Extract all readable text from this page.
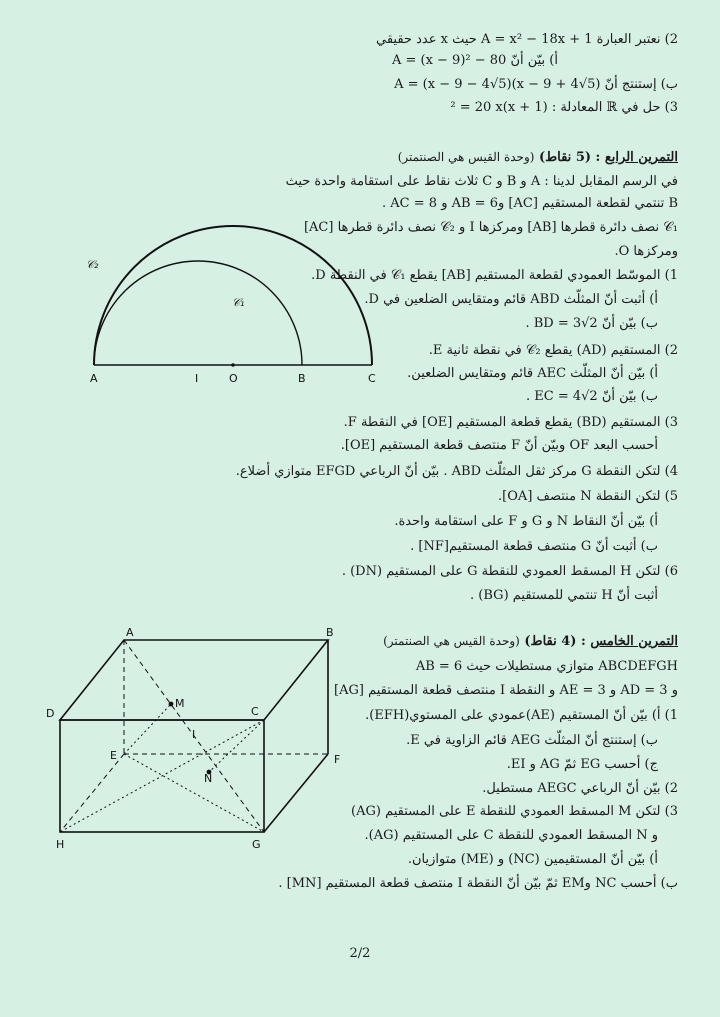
2) نعتبر العبارة A = x² − 18x + 1 حيث x عدد حقيقي
أ) بيّن أنّ A = (x − 9)² − 80
ب) إستنتج أنّ A = (x − 9 − 4√5)(x − 9 + 4√5)
3) حل في ℝ المعادلة : (x + 1)² = 20 x
التمرين الرابع : (5 نقاط) (وحدة القيس هي الصنتمتر)
في الرسم المقابل لدينا : A و B و C ثلاث نقاط على استقامة واحدة حيث
B تنتمي لقطعة المستقيم [AC] وAB = 6 و AC = 8 .
𝒞₁ نصف دائرة قطرها [AB] ومركزها I و 𝒞₂ نصف دائرة قطرها [AC]
ومركزها O.
1) الموسّط العمودي لقطعة المستقيم [AB] يقطع 𝒞₁ في النقطة D.
أ) أثبت أنّ المثلّث ABD قائم ومتقايس الضلعين في D.
ب) بيّن أنّ BD = 3√2 .
2) المستقيم (AD) يقطع 𝒞₂ في نقطة ثانية E.
أ) بيّن أنّ المثلّث AEC قائم ومتقايس الضلعين.
ب) بيّن أنّ EC = 4√2 .
3) المستقيم (BD) يقطع قطعة المستقيم [OE] في النقطة F.
أحسب البعد OF وبيّن أنّ F منتصف قطعة المستقيم [OE].
4) لتكن النقطة G مركز ثقل المثلّث ABD . بيّن أنّ الرباعي EFGD متوازي أضلاع.
5) لتكن النقطة N منتصف [OA].
أ) بيّن أنّ النقاط N و G و F على استقامة واحدة.
ب) أثبت أنّ G منتصف قطعة المستقيم[NF] .
6) لتكن H المسقط العمودي للنقطة G على المستقيم (DN) .
أثبت أنّ H تنتمي للمستقيم (BG) .
A	I	O	B	C
𝒞₂
𝒞₁
التمرين الخامس : (4 نقاط) (وحدة القيس هي الصنتمتر)
ABCDEFGH متوازي مستطيلات حيث AB = 6
و AD = 3 و AE = 3 و النقطة I منتصف قطعة المستقيم [AG]
1) أ) بيّن أنّ المستقيم (AE)عمودي على المستوي(EFH).
ب) إستنتج أنّ المثلّث AEG قائم الزاوية في E.
ج) أحسب EG ثمّ AG و EI.
2) بيّن أنّ الرباعي AEGC مستطيل.
3) لتكن M المسقط العمودي للنقطة E على المستقيم (AG)
و N المسقط العمودي للنقطة C على المستقيم (AG).
أ) بيّن أنّ المستقيمين (NC) و (ME) متوازيان.
ب) أحسب NC وEM ثمّ بيّن أنّ النقطة I منتصف قطعة المستقيم [MN] .
A	B
C
D
E	F
G
H
M
I
N
2/2
